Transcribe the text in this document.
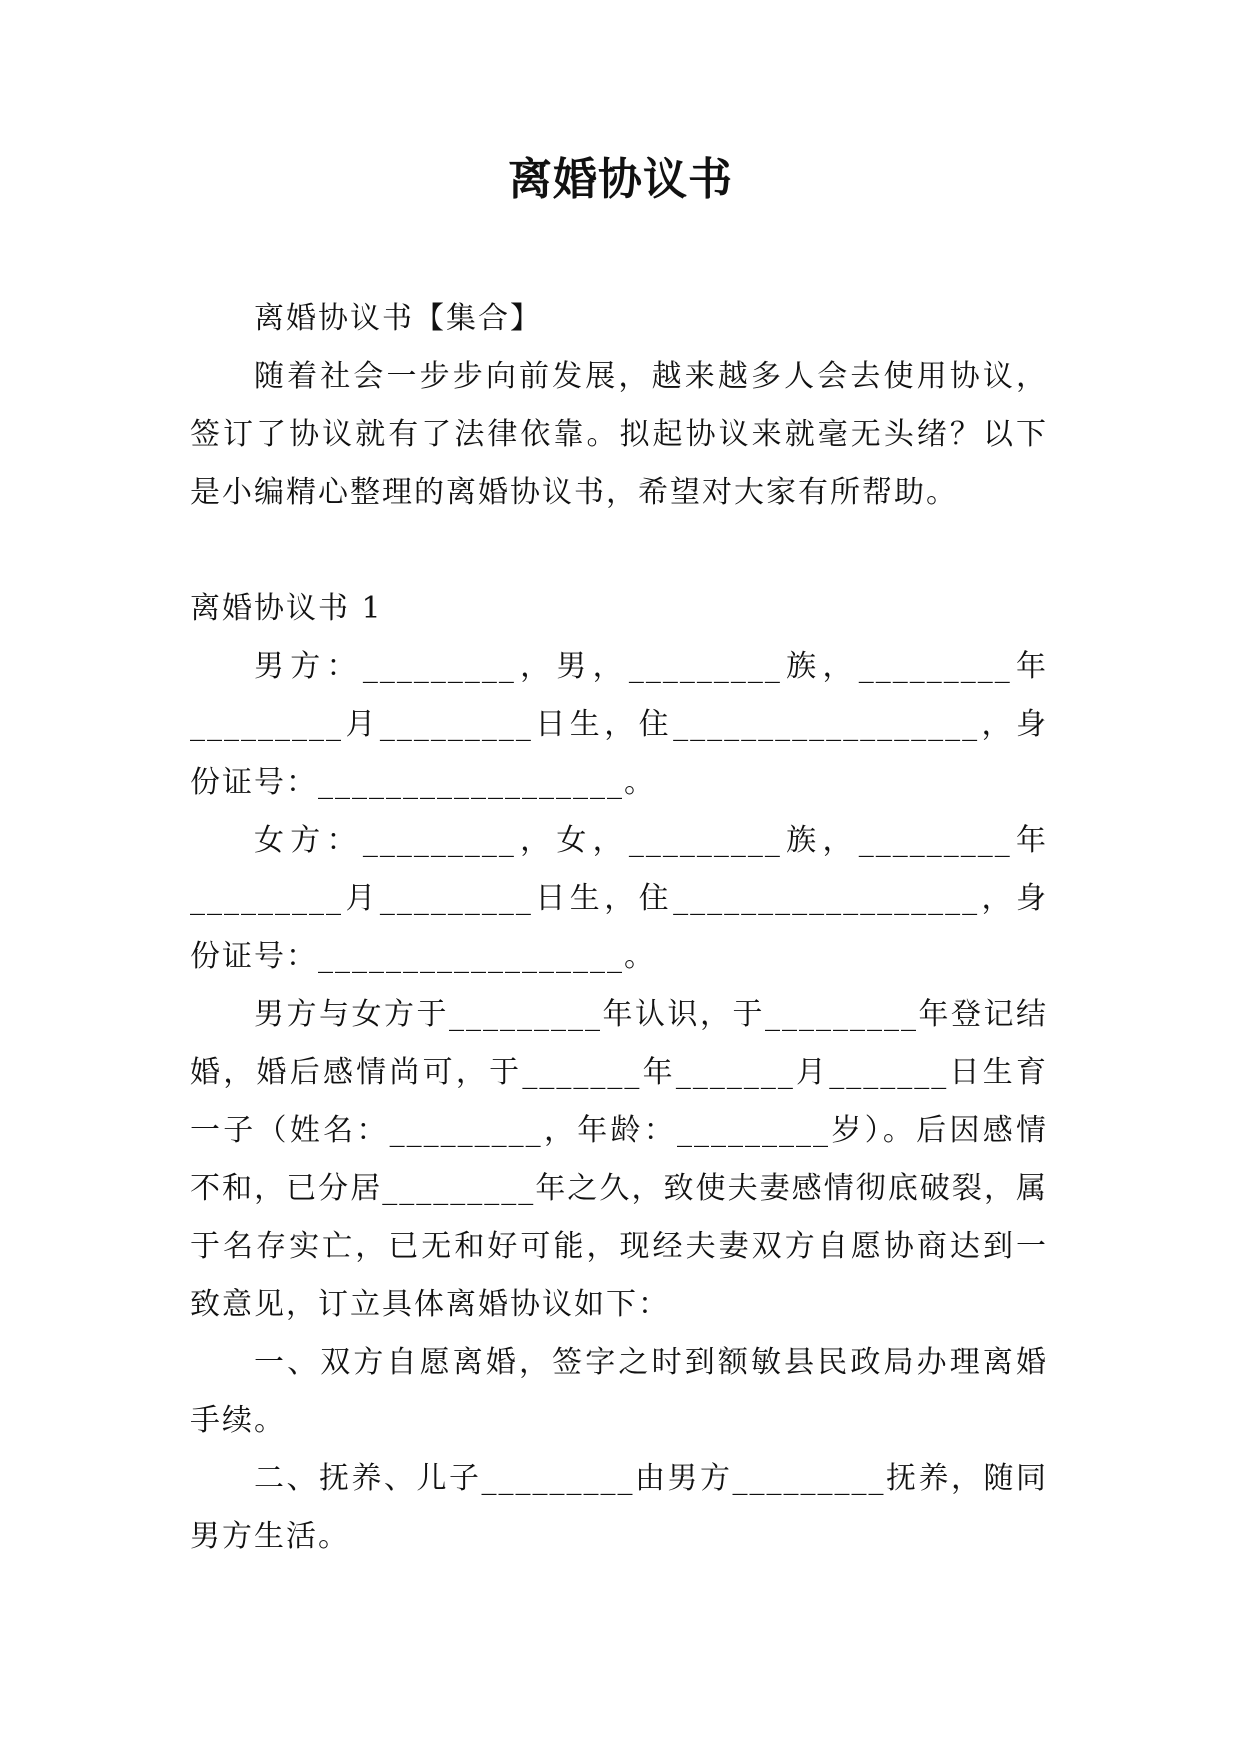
离婚协议书

离婚协议书【集合】

随着社会一步步向前发展，越来越多人会去使用协议，签订了协议就有了法律依靠。拟起协议来就毫无头绪？以下是小编精心整理的离婚协议书，希望对大家有所帮助。

离婚协议书 1

男方：_________，男，_________族，_________年_________月_________日生，住__________________，身份证号：__________________。

女方：_________，女，_________族，_________年_________月_________日生，住__________________，身份证号：__________________。

男方与女方于_________年认识，于_________年登记结婚，婚后感情尚可，于_______年_______月_______日生育一子（姓名：_________，年龄：_________岁）。后因感情不和，已分居_________年之久，致使夫妻感情彻底破裂，属于名存实亡，已无和好可能，现经夫妻双方自愿协商达到一致意见，订立具体离婚协议如下：

一、双方自愿离婚，签字之时到额敏县民政局办理离婚手续。

二、抚养、儿子_________由男方_________抚养，随同男方生活。
